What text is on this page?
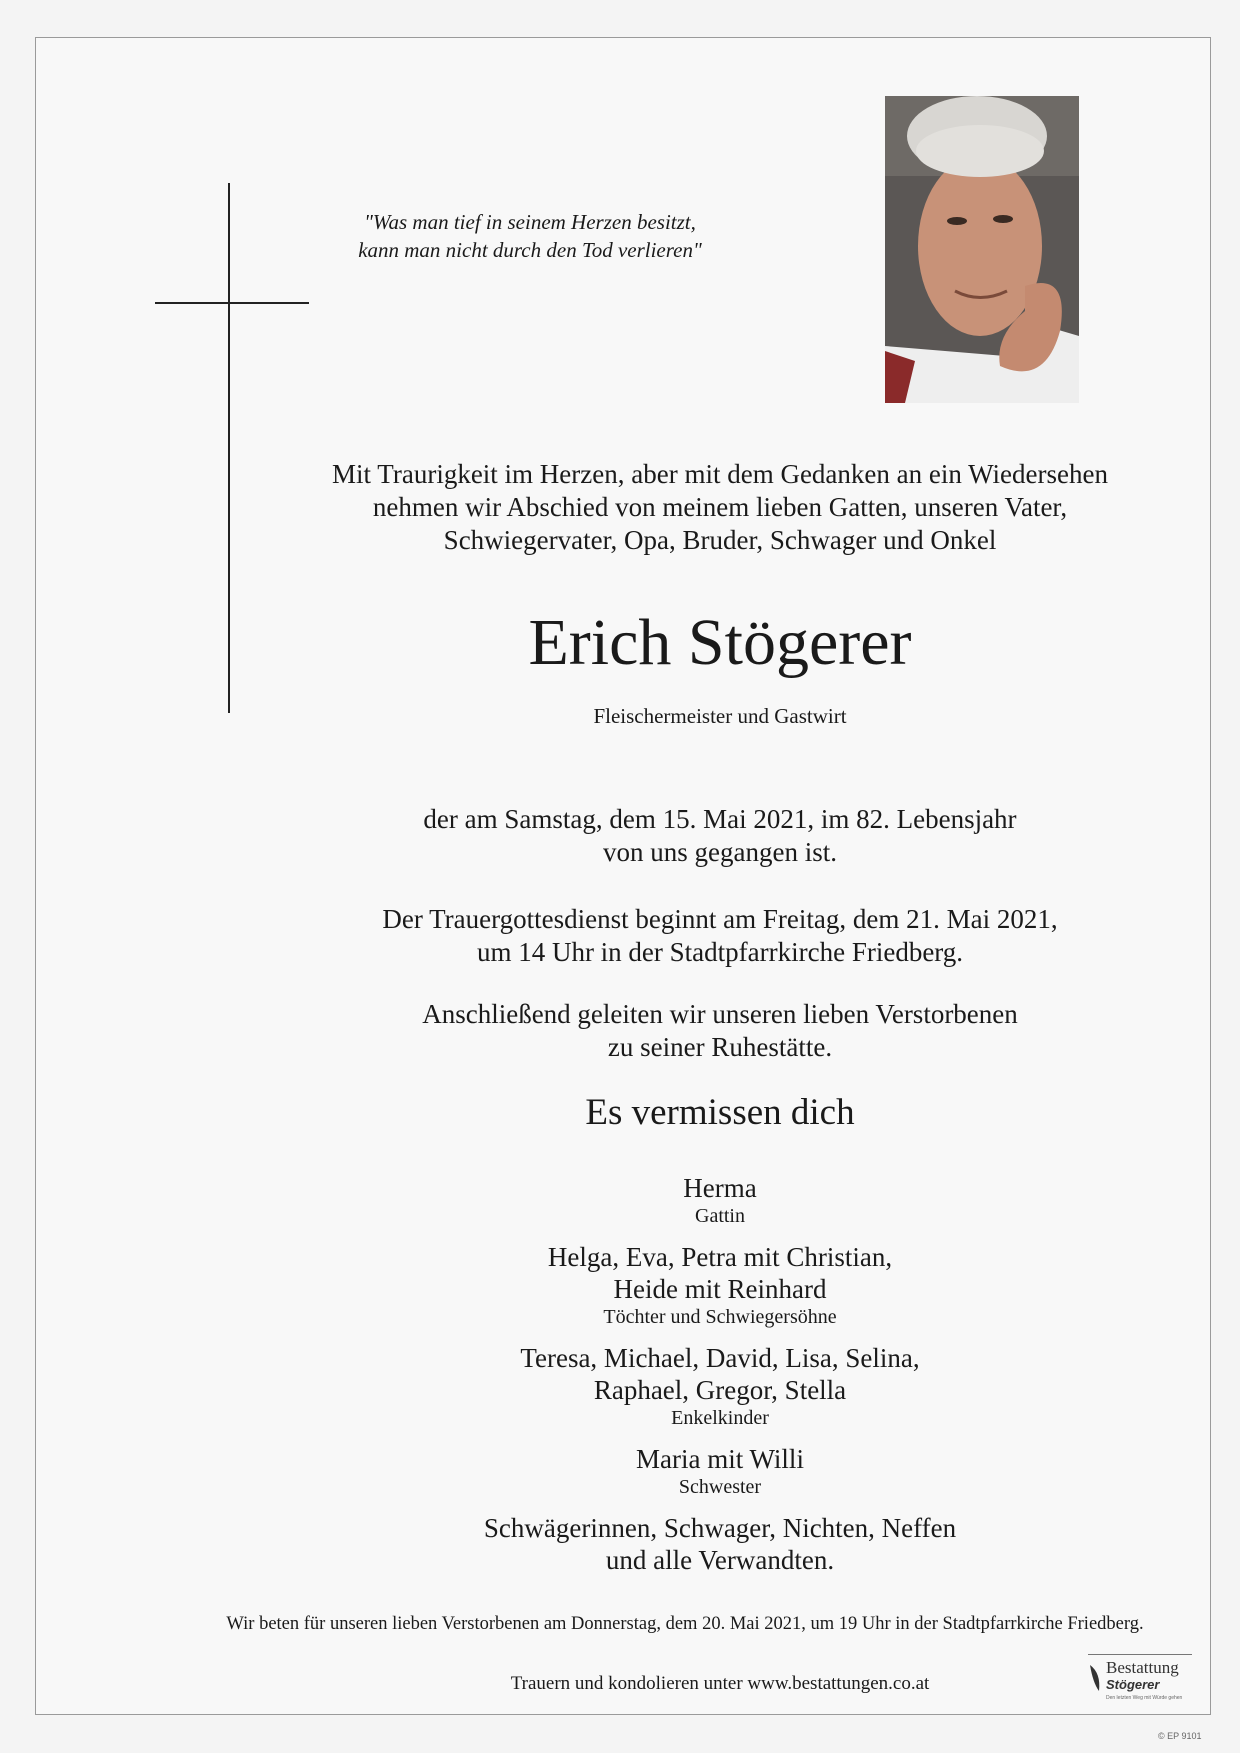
"Was man tief in seinem Herzen besitzt,
kann man nicht durch den Tod verlieren"
Mit Traurigkeit im Herzen, aber mit dem Gedanken an ein Wiedersehen
nehmen wir Abschied von meinem lieben Gatten, unseren Vater,
Schwiegervater, Opa, Bruder, Schwager und Onkel
Erich Stögerer
Fleischermeister und Gastwirt
der am Samstag, dem 15. Mai 2021, im 82. Lebensjahr
von uns gegangen ist.
Der Trauergottesdienst beginnt am Freitag, dem 21. Mai 2021,
um 14 Uhr in der Stadtpfarrkirche Friedberg.
Anschließend geleiten wir unseren lieben Verstorbenen
zu seiner Ruhestätte.
Es vermissen dich
Herma
Gattin
Helga, Eva, Petra mit Christian,
Heide mit Reinhard
Töchter und Schwiegersöhne
Teresa, Michael, David, Lisa, Selina,
Raphael, Gregor, Stella
Enkelkinder
Maria mit Willi
Schwester
Schwägerinnen, Schwager, Nichten, Neffen
und alle Verwandten.
Wir beten für unseren lieben Verstorbenen am Donnerstag, dem 20. Mai 2021, um 19 Uhr in der Stadtpfarrkirche Friedberg.
Trauern und kondolieren unter www.bestattungen.co.at
Bestattung
Stögerer
Den letzten Weg mit Würde gehen
© EP 9101
